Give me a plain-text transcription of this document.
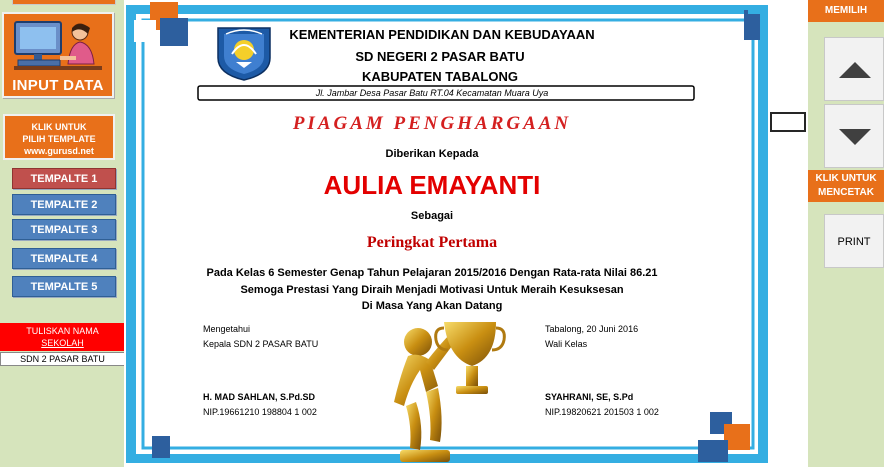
INPUT DATA
KLIK UNTUK
PILIH TEMPLATE
www.gurusd.net
TEMPALTE 1
TEMPALTE 2
TEMPALTE 3
TEMPALTE 4
TEMPALTE 5
TULISKAN NAMA
SEKOLAH
SDN 2 PASAR BATU
KEMENTERIAN PENDIDIKAN DAN KEBUDAYAAN
SD NEGERI 2 PASAR BATU
KABUPATEN TABALONG
Jl. Jambar Desa Pasar Batu RT.04 Kecamatan Muara Uya
PIAGAM PENGHARGAAN
Diberikan Kepada
AULIA EMAYANTI
Sebagai
Peringkat Pertama
Pada Kelas 6 Semester Genap Tahun Pelajaran 2015/2016 Dengan Rata-rata Nilai 86.21
Semoga Prestasi Yang Diraih Menjadi Motivasi Untuk Meraih Kesuksesan
Di Masa Yang Akan Datang
Mengetahui
Kepala SDN 2 PASAR BATU
H. MAD SAHLAN, S.Pd.SD
NIP.19661210 198804 1 002
Tabalong, 20 Juni 2016
Wali Kelas
SYAHRANI, SE, S.Pd
NIP.19820621 201503 1 002
MEMILIH
KLIK UNTUK
MENCETAK
PRINT
